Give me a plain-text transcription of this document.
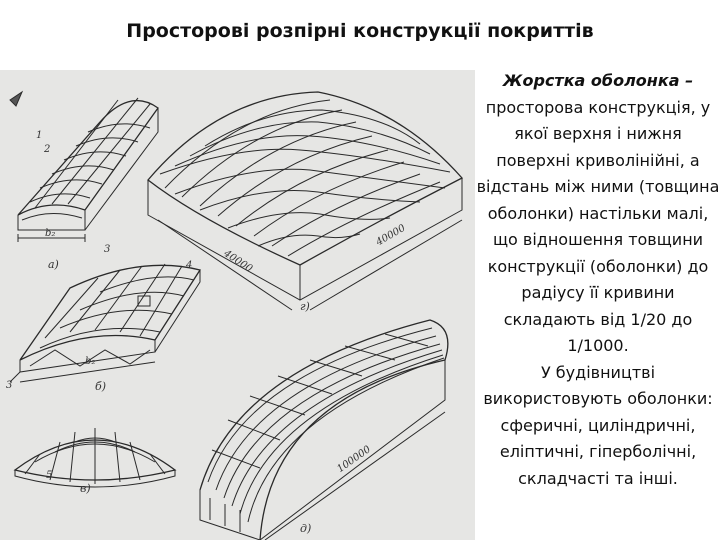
Просторові розпірні конструкції покриттів
а)
г)
б)
в)
д)
b₂
b₂
40000
40000
100000
1
2
3
4
3
5

Жорстка оболонка – просторова конструкція, у якої верхня і нижня поверхні криволінійні, а відстань між ними (товщина оболонки) настільки малі, що відношення товщини конструкції (оболонки) до радіусу її кривини складають від 1/20 до 1/1000.

У будівництві використовують оболонки: сферичні, циліндричні, еліптичні, гіперболічні, складчасті та інші.
